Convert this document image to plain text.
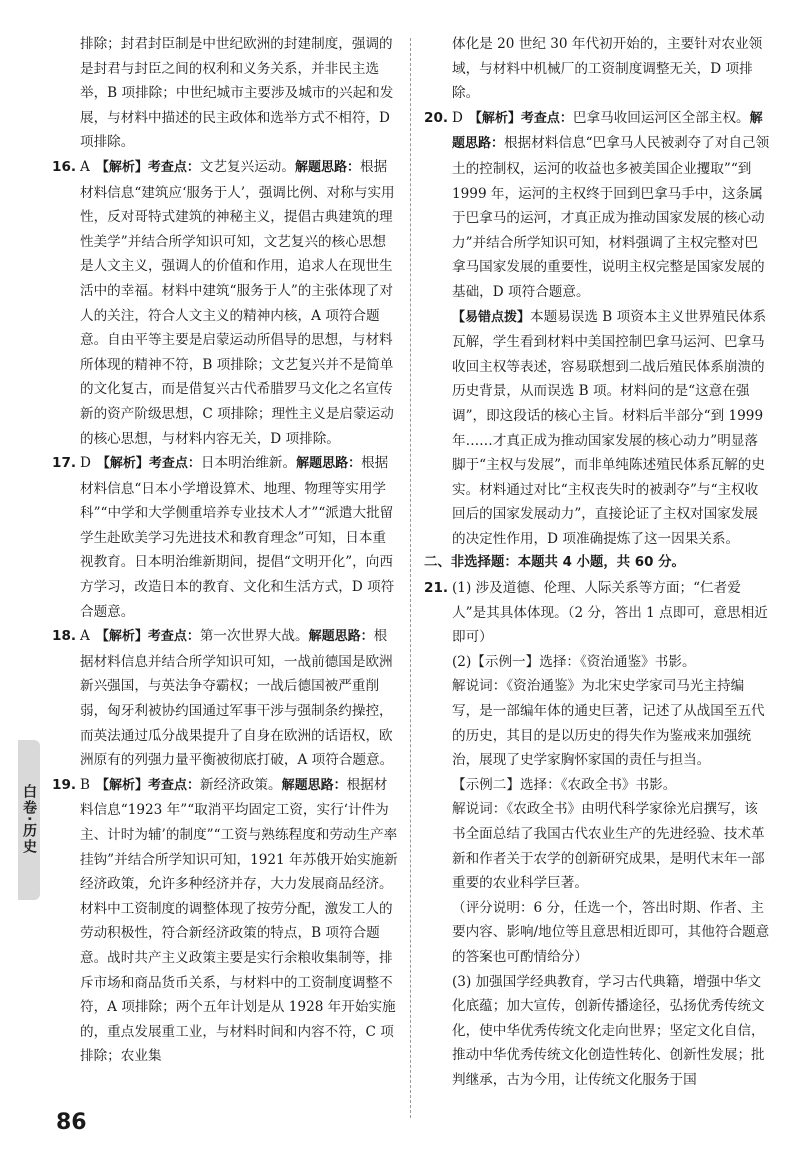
排除；封君封臣制是中世纪欧洲的封建制度，强调的是封君与封臣之间的权利和义务关系，并非民主选举，B 项排除；中世纪城市主要涉及城市的兴起和发展，与材料中描述的民主政体和选举方式不相符，D 项排除。

16. A 【解析】考查点：文艺复兴运动。解题思路：根据材料信息“建筑应‘服务于人’，强调比例、对称与实用性，反对哥特式建筑的神秘主义，提倡古典建筑的理性美学”并结合所学知识可知，文艺复兴的核心思想是人文主义，强调人的价值和作用，追求人在现世生活中的幸福。材料中建筑“服务于人”的主张体现了对人的关注，符合人文主义的精神内核，A 项符合题意。自由平等主要是启蒙运动所倡导的思想，与材料所体现的精神不符，B 项排除；文艺复兴并不是简单的文化复古，而是借复兴古代希腊罗马文化之名宣传新的资产阶级思想，C 项排除；理性主义是启蒙运动的核心思想，与材料内容无关，D 项排除。

17. D 【解析】考查点：日本明治维新。解题思路：根据材料信息“日本小学增设算术、地理、物理等实用学科”“中学和大学侧重培养专业技术人才”“派遣大批留学生赴欧美学习先进技术和教育理念”可知，日本重视教育。日本明治维新期间，提倡“文明开化”，向西方学习，改造日本的教育、文化和生活方式，D 项符合题意。

18. A 【解析】考查点：第一次世界大战。解题思路：根据材料信息并结合所学知识可知，一战前德国是欧洲新兴强国，与英法争夺霸权；一战后德国被严重削弱，匈牙利被协约国通过军事干涉与强制条约操控，而英法通过瓜分战果提升了自身在欧洲的话语权，欧洲原有的列强力量平衡被彻底打破，A 项符合题意。

19. B 【解析】考查点：新经济政策。解题思路：根据材料信息“1923 年”“取消平均固定工资，实行‘计件为主、计时为辅’的制度”“工资与熟练程度和劳动生产率挂钩”并结合所学知识可知，1921 年苏俄开始实施新经济政策，允许多种经济并存，大力发展商品经济。材料中工资制度的调整体现了按劳分配，激发工人的劳动积极性，符合新经济政策的特点，B 项符合题意。战时共产主义政策主要是实行余粮收集制等，排斥市场和商品货币关系，与材料中的工资制度调整不符，A 项排除；两个五年计划是从 1928 年开始实施的，重点发展重工业，与材料时间和内容不符，C 项排除；农业集

体化是 20 世纪 30 年代初开始的，主要针对农业领域，与材料中机械厂的工资制度调整无关，D 项排除。

20. D 【解析】考查点：巴拿马收回运河区全部主权。解题思路：根据材料信息“巴拿马人民被剥夺了对自己领土的控制权，运河的收益也多被美国企业攫取”“到 1999 年，运河的主权终于回到巴拿马手中，这条属于巴拿马的运河，才真正成为推动国家发展的核心动力”并结合所学知识可知，材料强调了主权完整对巴拿马国家发展的重要性，说明主权完整是国家发展的基础，D 项符合题意。

【易错点拨】本题易误选 B 项资本主义世界殖民体系瓦解，学生看到材料中美国控制巴拿马运河、巴拿马收回主权等表述，容易联想到二战后殖民体系崩溃的历史背景，从而误选 B 项。材料问的是“这意在强调”，即这段话的核心主旨。材料后半部分“到 1999 年……才真正成为推动国家发展的核心动力”明显落脚于“主权与发展”，而非单纯陈述殖民体系瓦解的史实。材料通过对比“主权丧失时的被剥夺”与“主权收回后的国家发展动力”，直接论证了主权对国家发展的决定性作用，D 项准确提炼了这一因果关系。

二、非选择题：本题共 4 小题，共 60 分。

21. (1) 涉及道德、伦理、人际关系等方面；“仁者爱人”是其具体体现。（2 分，答出 1 点即可，意思相近即可）

(2)【示例一】选择：《资治通鉴》书影。

解说词：《资治通鉴》为北宋史学家司马光主持编写，是一部编年体的通史巨著，记述了从战国至五代的历史，其目的是以历史的得失作为鉴戒来加强统治，展现了史学家胸怀家国的责任与担当。

【示例二】选择：《农政全书》书影。

解说词：《农政全书》由明代科学家徐光启撰写，该书全面总结了我国古代农业生产的先进经验、技术革新和作者关于农学的创新研究成果，是明代末年一部重要的农业科学巨著。

（评分说明：6 分，任选一个，答出时期、作者、主要内容、影响/地位等且意思相近即可，其他符合题意的答案也可酌情给分）

(3) 加强国学经典教育，学习古代典籍，增强中华文化底蕴；加大宣传，创新传播途径，弘扬优秀传统文化，使中华优秀传统文化走向世界；坚定文化自信，推动中华优秀传统文化创造性转化、创新性发展；批判继承，古为今用，让传统文化服务于国

白卷·历史
86
